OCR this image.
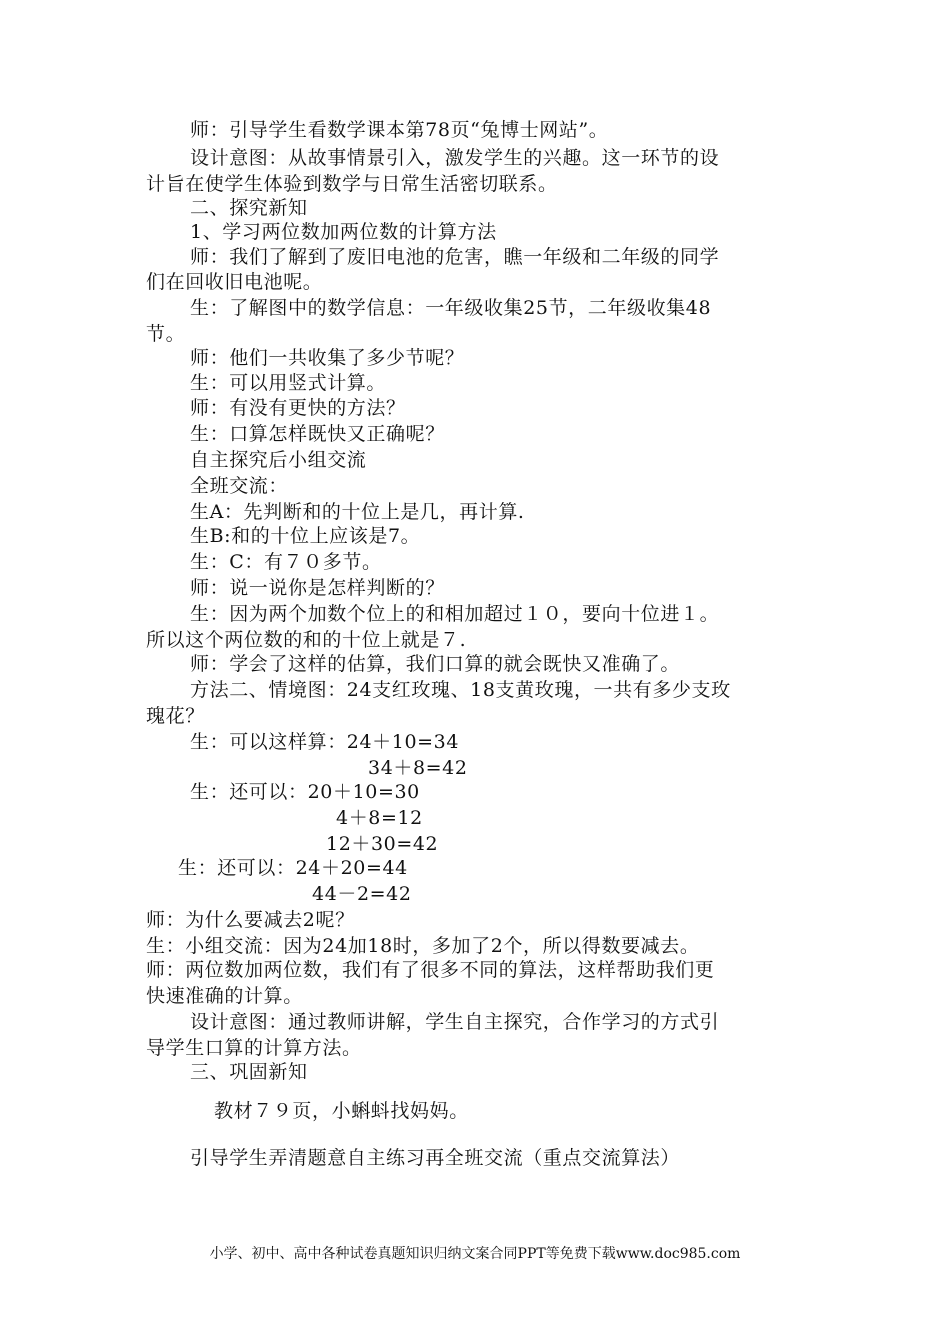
师：引导学生看数学课本第78页“兔博士网站”。
设计意图：从故事情景引入，激发学生的兴趣。这一环节的设
计旨在使学生体验到数学与日常生活密切联系。
二、探究新知
1、学习两位数加两位数的计算方法
师：我们了解到了废旧电池的危害，瞧一年级和二年级的同学
们在回收旧电池呢。
生：了解图中的数学信息：一年级收集25节，二年级收集48
节。
师：他们一共收集了多少节呢？
生：可以用竖式计算。
师：有没有更快的方法？
生：口算怎样既快又正确呢？
自主探究后小组交流
全班交流：
生A：先判断和的十位上是几，再计算.
生B:和的十位上应该是7。
生：C：有７０多节。
师：说一说你是怎样判断的？
生：因为两个加数个位上的和相加超过１０，要向十位进１。
所以这个两位数的和的十位上就是７.
师：学会了这样的估算，我们口算的就会既快又准确了。
方法二、情境图：24支红玫瑰、18支黄玫瑰，一共有多少支玫
瑰花？
生：可以这样算：24＋10=34
34＋8=42
生：还可以：20＋10=30
4＋8=12
12＋30=42
生：还可以：24＋20=44
44－2=42
师：为什么要减去2呢？
生：小组交流：因为24加18时，多加了2个，所以得数要减去。
师：两位数加两位数，我们有了很多不同的算法，这样帮助我们更
快速准确的计算。
设计意图：通过教师讲解，学生自主探究，合作学习的方式引
导学生口算的计算方法。
三、巩固新知
教材７９页，小蝌蚪找妈妈。
引导学生弄清题意自主练习再全班交流（重点交流算法）
小学、初中、高中各种试卷真题知识归纳文案合同PPT等免费下载www.doc985.com
